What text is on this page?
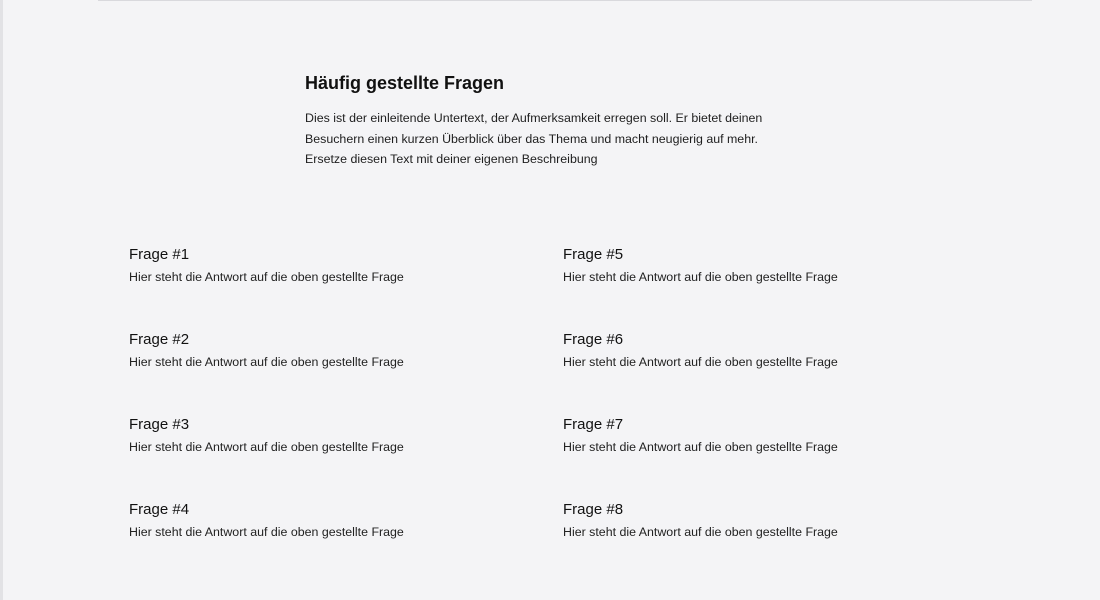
Häufig gestellte Fragen

Dies ist der einleitende Untertext, der Aufmerksamkeit erregen soll. Er bietet deinen
Besuchern einen kurzen Überblick über das Thema und macht neugierig auf mehr.
Ersetze diesen Text mit deiner eigenen Beschreibung

Frage #1
Hier steht die Antwort auf die oben gestellte Frage
Frage #2
Hier steht die Antwort auf die oben gestellte Frage
Frage #3
Hier steht die Antwort auf die oben gestellte Frage
Frage #4
Hier steht die Antwort auf die oben gestellte Frage
Frage #5
Hier steht die Antwort auf die oben gestellte Frage
Frage #6
Hier steht die Antwort auf die oben gestellte Frage
Frage #7
Hier steht die Antwort auf die oben gestellte Frage
Frage #8
Hier steht die Antwort auf die oben gestellte Frage
